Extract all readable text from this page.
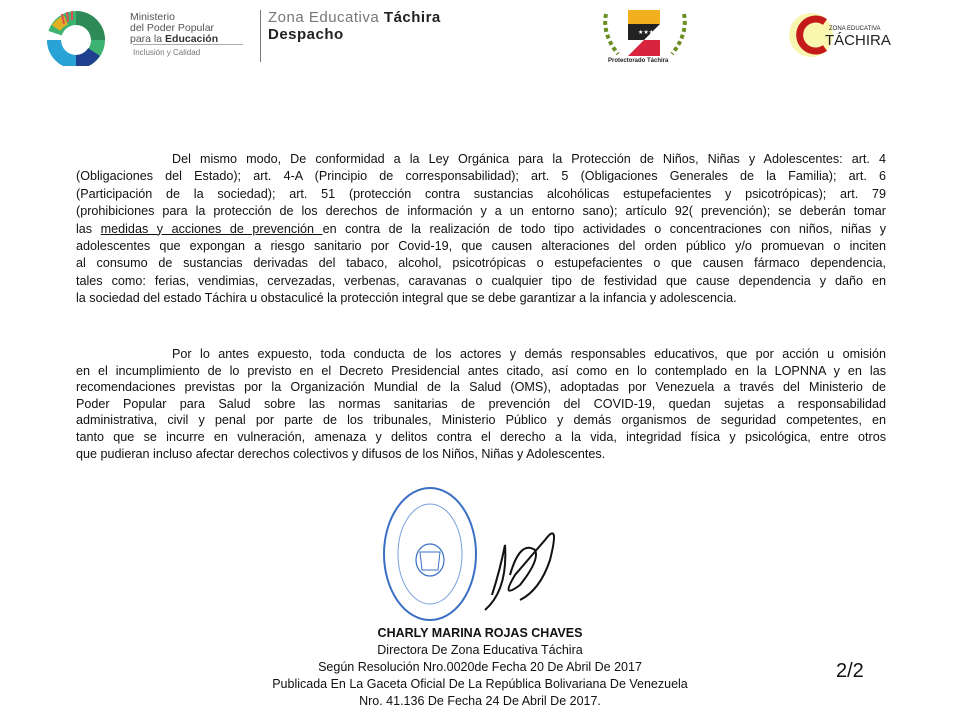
Ministerio
del Poder Popular
para la Educación
Inclusión y Calidad
Zona Educativa Táchira
Despacho	★★★
Protectorado Táchira
ZONA EDUCATIVA
TÁCHIRA
Del mismo modo, De conformidad a la Ley Orgánica para la Protección de Niños, Niñas y Adolescentes: art. 4
(Obligaciones del Estado); art. 4-A (Principio de corresponsabilidad); art. 5 (Obligaciones Generales de la Familia); art. 6
(Participación de la sociedad); art. 51 (protección contra sustancias alcohólicas estupefacientes y psicotrópicas); art. 79
(prohibiciones para la protección de los derechos de información y a un entorno sano); artículo 92( prevención); se deberán tomar
las medidas y acciones de prevención en contra de la realización de todo tipo actividades o concentraciones con niños, niñas y
adolescentes que expongan a riesgo sanitario por Covid-19, que causen alteraciones del orden público y/o promuevan o inciten
al consumo de sustancias derivadas del tabaco, alcohol, psicotrópicas o estupefacientes o que causen fármaco dependencia,
tales como: ferias, vendimias, cervezadas, verbenas, caravanas o cualquier tipo de festividad que cause dependencia y daño en
la sociedad del estado Táchira u obstaculicé la protección integral que se debe garantizar a la infancia y adolescencia.
Por lo antes expuesto, toda conducta de los actores y demás responsables educativos, que por acción u omisión
en el incumplimiento de lo previsto en el Decreto Presidencial antes citado, así como en lo contemplado en la LOPNNA y en las
recomendaciones previstas por la Organización Mundial de la Salud (OMS), adoptadas por Venezuela a través del Ministerio de
Poder Popular para Salud sobre las normas sanitarias de prevención del COVID-19, quedan sujetas a responsabilidad
administrativa, civil y penal por parte de los tribunales, Ministerio Público y demás organismos de seguridad competentes, en
tanto que se incurre en vulneración, amenaza y delitos contra el derecho a la vida, integridad física y psicológica, entre otros
que pudieran incluso afectar derechos colectivos y difusos de los Niños, Niñas y Adolescentes.
CHARLY MARINA ROJAS CHAVES
Directora De Zona Educativa Táchira
Según Resolución Nro.0020de Fecha 20 De Abril De 2017
Publicada En La Gaceta Oficial De La República Bolivariana De Venezuela
Nro. 41.136 De Fecha 24 De Abril De 2017.
2/2
